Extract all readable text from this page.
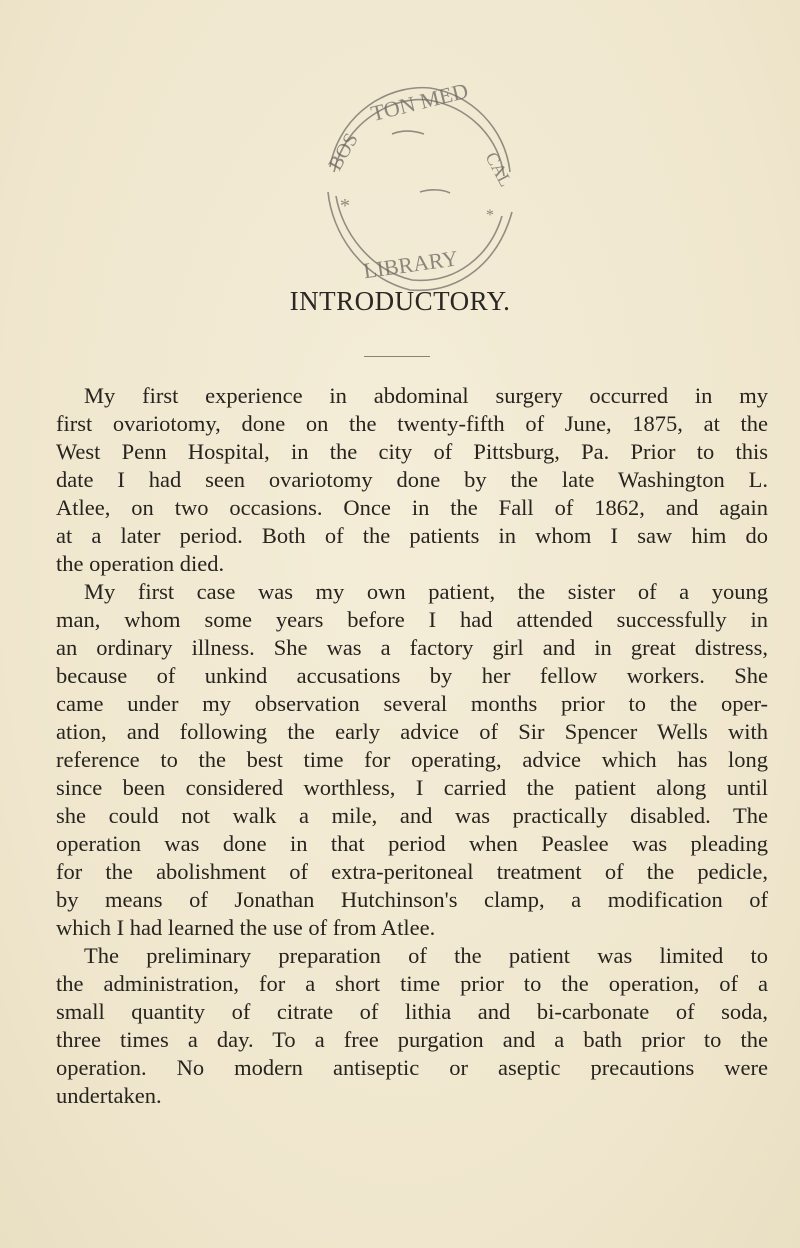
TON MED
BOS	CAL
LIBRARY
*	*
INTRODUCTORY.
My first experience in abdominal surgery occurred in my
first ovariotomy, done on the twenty-fifth of June, 1875, at the
West Penn Hospital, in the city of Pittsburg, Pa. Prior to this
date I had seen ovariotomy done by the late Washington L.
Atlee, on two occasions. Once in the Fall of 1862, and again
at a later period. Both of the patients in whom I saw him do
the operation died.
My first case was my own patient, the sister of a young
man, whom some years before I had attended successfully in
an ordinary illness. She was a factory girl and in great distress,
because of unkind accusations by her fellow workers. She
came under my observation several months prior to the oper-
ation, and following the early advice of Sir Spencer Wells with
reference to the best time for operating, advice which has long
since been considered worthless, I carried the patient along until
she could not walk a mile, and was practically disabled. The
operation was done in that period when Peaslee was pleading
for the abolishment of extra-peritoneal treatment of the pedicle,
by means of Jonathan Hutchinson's clamp, a modification of
which I had learned the use of from Atlee.
The preliminary preparation of the patient was limited to
the administration, for a short time prior to the operation, of a
small quantity of citrate of lithia and bi-carbonate of soda,
three times a day. To a free purgation and a bath prior to the
operation. No modern antiseptic or aseptic precautions were
undertaken.
